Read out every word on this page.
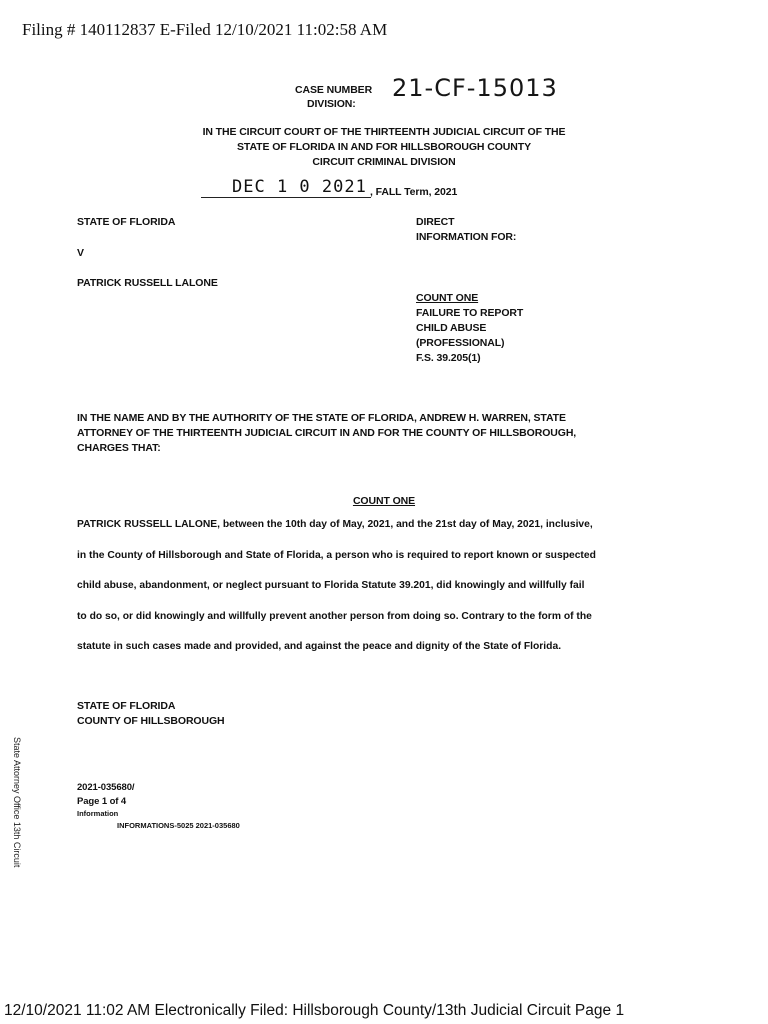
Filing # 140112837 E-Filed 12/10/2021 11:02:58 AM
CASE NUMBER
DIVISION:
21-CF-15013
IN THE CIRCUIT COURT OF THE THIRTEENTH JUDICIAL CIRCUIT OF THE
STATE OF FLORIDA IN AND FOR HILLSBOROUGH COUNTY
CIRCUIT CRIMINAL DIVISION
DEC 1 0 2021 , FALL Term, 2021
STATE OF FLORIDA
V
PATRICK RUSSELL LALONE
DIRECT
INFORMATION FOR:
COUNT ONE
FAILURE TO REPORT
CHILD ABUSE
(PROFESSIONAL)
F.S. 39.205(1)
IN THE NAME AND BY THE AUTHORITY OF THE STATE OF FLORIDA, ANDREW H. WARREN, STATE
ATTORNEY OF THE THIRTEENTH JUDICIAL CIRCUIT IN AND FOR THE COUNTY OF HILLSBOROUGH,
CHARGES THAT:
COUNT ONE
PATRICK RUSSELL LALONE, between the 10th day of May, 2021, and the 21st day of May, 2021, inclusive,
in the County of Hillsborough and State of Florida, a person who is required to report known or suspected
child abuse, abandonment, or neglect pursuant to Florida Statute 39.201, did knowingly and willfully fail
to do so, or did knowingly and willfully prevent another person from doing so. Contrary to the form of the
statute in such cases made and provided, and against the peace and dignity of the State of Florida.
STATE OF FLORIDA
COUNTY OF HILLSBOROUGH
2021-035680/
Page 1 of 4
Information
INFORMATIONS-5025 2021-035680
State Attorney Office 13th Circuit
12/10/2021 11:02 AM Electronically Filed: Hillsborough County/13th Judicial Circuit Page 1
